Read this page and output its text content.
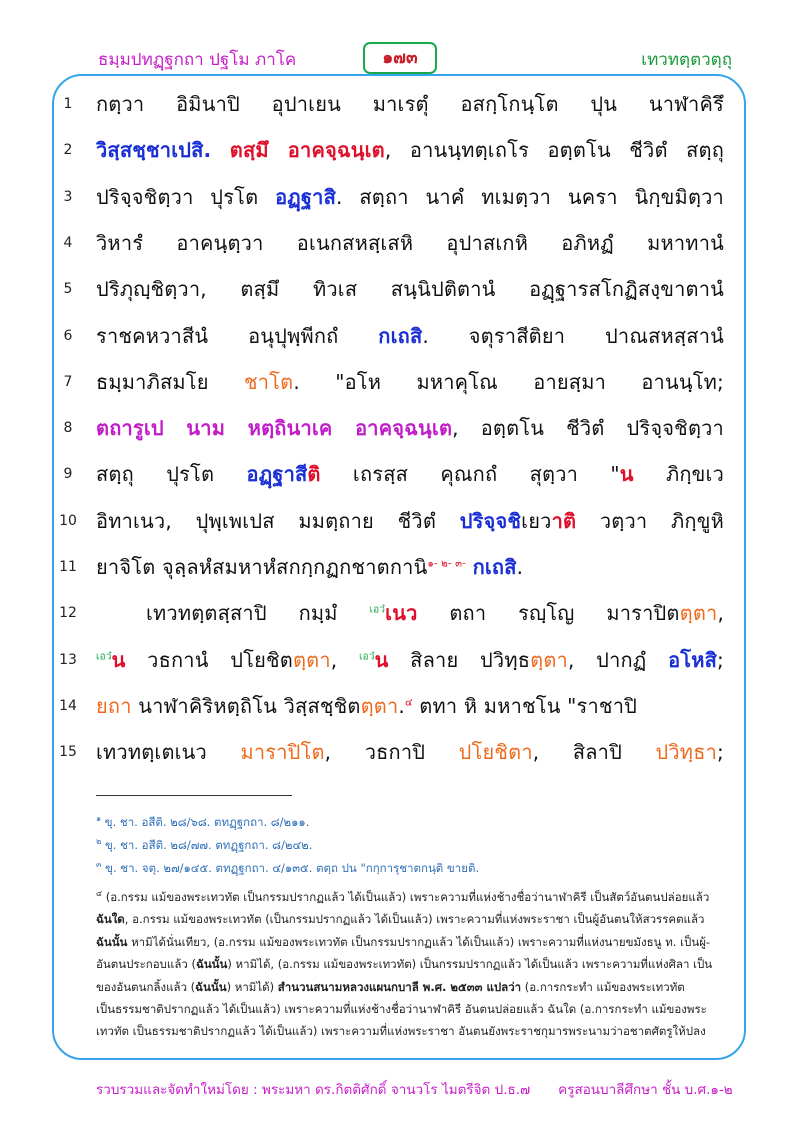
ธมฺมปทฏฺฐกถา ปฐโม ภาโค	๑๗๓	เทวทตฺตวตฺถุ
1	กตฺวา อิมินาปิ อุปาเยน มาเรตุํ อสกฺโกนฺโต ปุน นาฬาคิรึ
2	วิสฺสชฺชาเปสิ. ตสฺมึ อาคจฺฉนฺเต, อานนฺทตฺเถโร อตฺตโน ชีวิตํ สตฺถุ
3	ปริจฺจชิตฺวา ปุรโต อฏฺฐาสิ. สตฺถา นาคํ ทเมตฺวา นครา นิกฺขมิตฺวา
4	วิหารํ อาคนฺตฺวา อเนกสหสฺเสหิ อุปาสเกหิ อภิหฏํ มหาทานํ
5	ปริภุญฺชิตฺวา, ตสฺมึ ทิวเส สนฺนิปติตานํ อฏฺฐารสโกฏิสงฺขาตานํ
6	ราชคหวาสีนํ อนุปุพฺพีกถํ กเถสิ. จตุราสีติยา ปาณสหสฺสานํ
7	ธมฺมาภิสมโย ชาโต. "อโห มหาคุโณ อายสฺมา อานนฺโท;
8	ตถารูเป นาม หตฺถินาเค อาคจฺฉนฺเต, อตฺตโน ชีวิตํ ปริจฺจชิตฺวา
9	สตฺถุ ปุรโต อฏฺฐาสีติ เถรสฺส คุณกถํ สุตฺวา "น ภิกฺขเว
10 อิทาเนว, ปุพฺเพเปส มมตฺถาย ชีวิตํ ปริจฺจชิเยวาติ วตฺวา ภิกฺขูหิ
11 ยาจิโต จุลฺลหํสมหาหํสกกฺกฏกชาตกานิ$^{๑- ๒- ๓-}$ กเถสิ.
12	เทวทตฺตสฺสาปิ กมฺมํ $^{เอว๋}$เนว ตถา รญฺโญ มาราปิตตฺตา,
13	$^{เอว๋}$น วธกานํ ปโยชิตตฺตา, $^{เอว๋}$น สิลาย ปวิทฺธตฺตา, ปากฏํ อโหสิ;
14 ยถา นาฬาคิริหตฺถิโน วิสฺสชฺชิตตฺตา.$^๔$ ตทา หิ มหาชโน "ราชาปิ
15 เทวทตฺเตเนว มาราปิโต, วธกาปิ ปโยชิตา, สิลาปิ ปวิทฺธา;
$^๑$ ขุ. ชา. อสีติ. ๒๘/๖๘. ตทฏฺฐกถา. ๘/๒๑๑.
$^๒$ ขุ. ชา. อสีติ. ๒๘/๗๗. ตทฏฺฐกถา. ๘/๒๔๒.
$^๓$ ขุ. ชา. จตุ. ๒๗/๑๔๕. ตทฏฺฐกถา. ๔/๑๓๕. ตตฺถ ปน "กกฺการุชาตกนฺติ ขายติ.
$^๔$ (อ.กรรม แม้ของพระเทวทัต เป็นกรรมปรากฏแล้ว ได้เป็นแล้ว) เพราะความที่แห่งช้างชื่อว่านาฬาคิรี เป็นสัตว์อันตนปล่อยแล้ว
ฉันใด, อ.กรรม แม้ของพระเทวทัต (เป็นกรรมปรากฏแล้ว ได้เป็นแล้ว) เพราะความที่แห่งพระราชา เป็นผู้อันตนให้สวรรคตแล้ว
ฉันนั้น หามิได้นั่นเทียว, (อ.กรรม แม้ของพระเทวทัต เป็นกรรมปรากฏแล้ว ได้เป็นแล้ว) เพราะความที่แห่งนายขมังธนู ท. เป็นผู้-
อันตนประกอบแล้ว (ฉันนั้น) หามิได้, (อ.กรรม แม้ของพระเทวทัต) เป็นกรรมปรากฏแล้ว ได้เป็นแล้ว เพราะความที่แห่งศิลา เป็น
ของอันตนกลิ้งแล้ว (ฉันนั้น) หามิได้) สำนวนสนามหลวงแผนกบาลี พ.ศ. ๒๕๓๓ แปลว่า (อ.การกระทำ แม้ของพระเทวทัต
เป็นธรรมชาติปรากฏแล้ว ได้เป็นแล้ว) เพราะความที่แห่งช้างชื่อว่านาฬาคิรี อันตนปล่อยแล้ว ฉันใด (อ.การกระทำ แม้ของพระ
เทวทัต เป็นธรรมชาติปรากฏแล้ว ได้เป็นแล้ว) เพราะความที่แห่งพระราชา อันตนยังพระราชกุมารพระนามว่าอชาตศัตรูให้ปลง
รวบรวมและจัดทำใหม่โดย : พระมหา ดร.กิตติศักดิ์ จานวโร ไมตรีจิต ป.ธ.๗ ครูสอนบาลีศึกษา ชั้น บ.ศ.๑-๒
